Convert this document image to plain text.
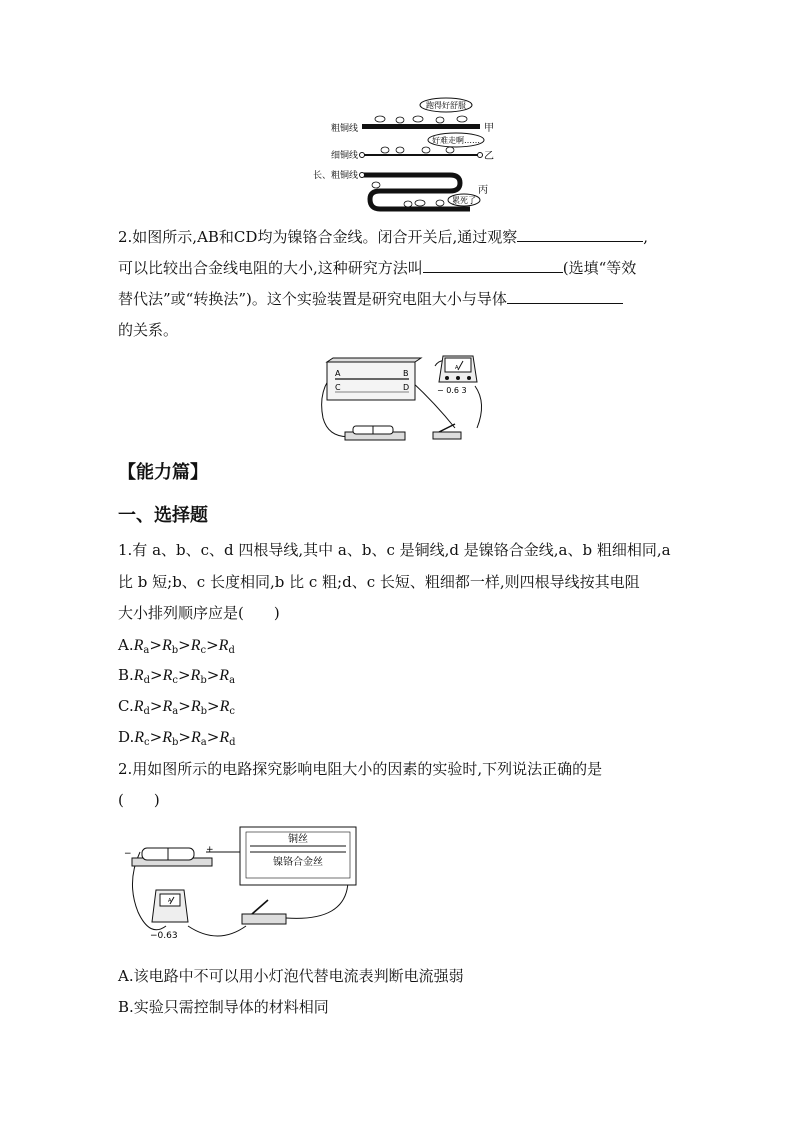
跑得好舒服
好难走啊……
累死了
粗铜线
细铜线
长、粗铜线
甲
乙
丙
2.如图所示,AB和CD均为镍铬合金线。闭合开关后,通过观察	,
可以比较出合金线电阻的大小,这种研究方法叫	(选填“等效
替代法”或“转换法”)。这个实验装置是研究电阻大小与导体
的关系。
A	B
C	D
A
− 0.6 3
【能力篇】
一、选择题
1.有 a、b、c、d 四根导线,其中 a、b、c 是铜线,d 是镍铬合金线,a、b 粗细相同,a
比 b 短;b、c 长度相同,b 比 c 粗;d、c 长短、粗细都一样,则四根导线按其电阻
大小排列顺序应是(　　)
$A.R_a>R_b>R_c>R_d$
$B.R_d>R_c>R_b>R_a$
$C.R_d>R_a>R_b>R_c$
$D.R_c>R_b>R_a>R_d$
2.用如图所示的电路探究影响电阻大小的因素的实验时,下列说法正确的是
(　　)
−	+
铜丝
镍铬合金丝
A
−0.63
A.该电路中不可以用小灯泡代替电流表判断电流强弱
B.实验只需控制导体的材料相同
